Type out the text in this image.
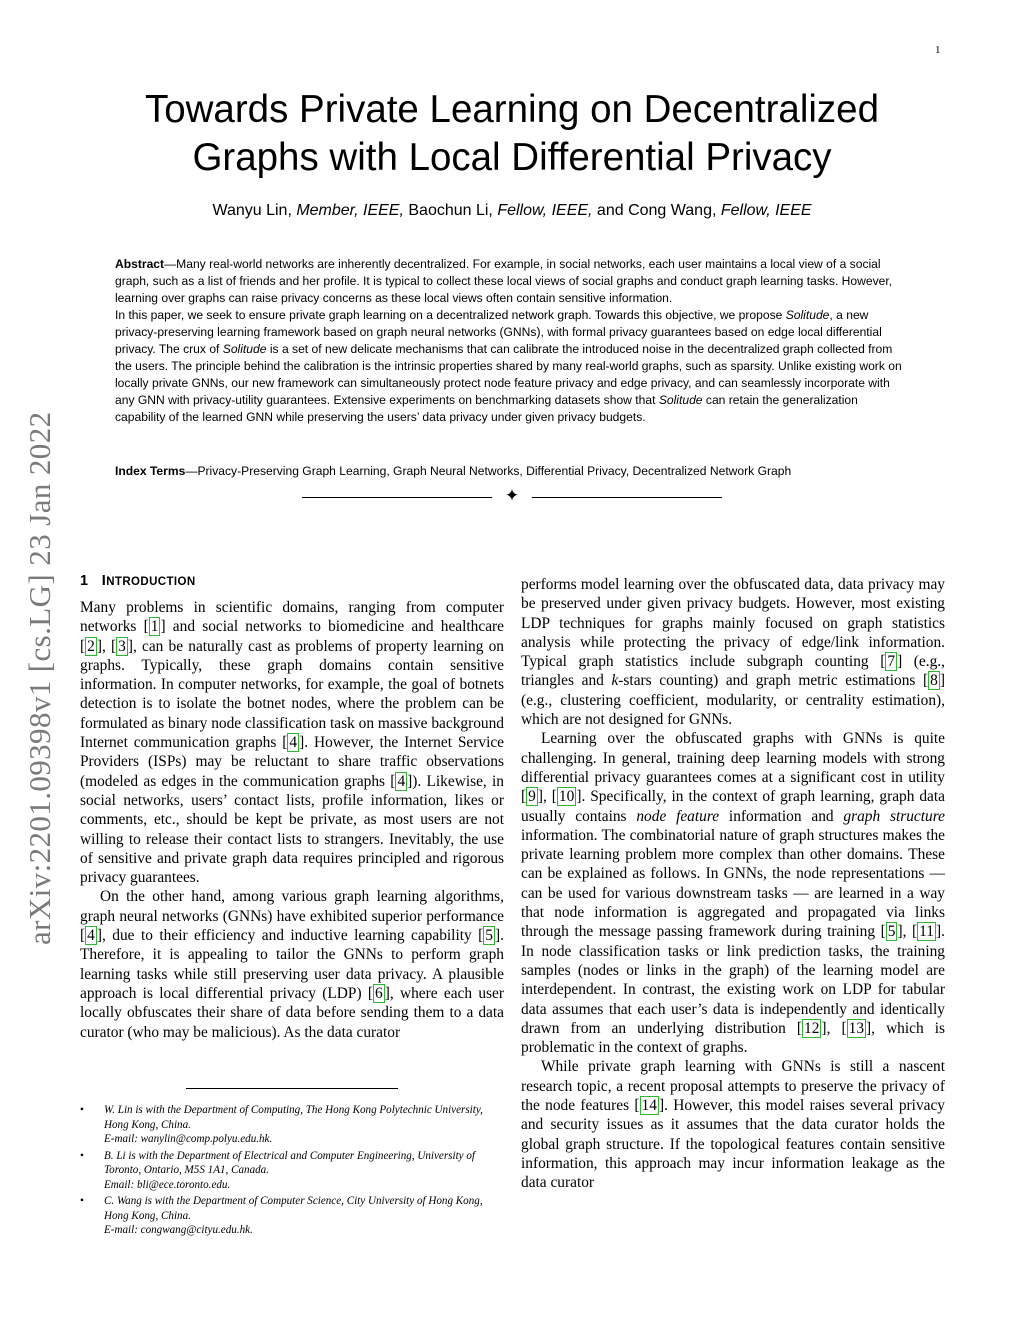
1
arXiv:2201.09398v1 [cs.LG] 23 Jan 2022
Towards Private Learning on Decentralized Graphs with Local Differential Privacy
Wanyu Lin, Member, IEEE, Baochun Li, Fellow, IEEE, and Cong Wang, Fellow, IEEE

Abstract—Many real-world networks are inherently decentralized. For example, in social networks, each user maintains a local view of a social graph, such as a list of friends and her profile. It is typical to collect these local views of social graphs and conduct graph learning tasks. However, learning over graphs can raise privacy concerns as these local views often contain sensitive information.

In this paper, we seek to ensure private graph learning on a decentralized network graph. Towards this objective, we propose Solitude, a new privacy-preserving learning framework based on graph neural networks (GNNs), with formal privacy guarantees based on edge local differential privacy. The crux of Solitude is a set of new delicate mechanisms that can calibrate the introduced noise in the decentralized graph collected from the users. The principle behind the calibration is the intrinsic properties shared by many real-world graphs, such as sparsity. Unlike existing work on locally private GNNs, our new framework can simultaneously protect node feature privacy and edge privacy, and can seamlessly incorporate with any GNN with privacy-utility guarantees. Extensive experiments on benchmarking datasets show that Solitude can retain the generalization capability of the learned GNN while preserving the users’ data privacy under given privacy budgets.

Index Terms—Privacy-Preserving Graph Learning, Graph Neural Networks, Differential Privacy, Decentralized Network Graph

✦
1 INTRODUCTION

Many problems in scientific domains, ranging from computer networks [ 1 ] and social networks to biomedicine and healthcare [ 2 ], [ 3 ], can be naturally cast as problems of property learning on graphs. Typically, these graph domains contain sensitive information. In computer networks, for example, the goal of botnets detection is to isolate the botnet nodes, where the problem can be formulated as binary node classification task on massive background Internet communication graphs [ 4 ]. However, the Internet Service Providers (ISPs) may be reluctant to share traffic observations (modeled as edges in the communication graphs [ 4 ]). Likewise, in social networks, users’ contact lists, profile information, likes or comments, etc., should be kept be private, as most users are not willing to release their contact lists to strangers. Inevitably, the use of sensitive and private graph data requires principled and rigorous privacy guarantees.

On the other hand, among various graph learning algorithms, graph neural networks (GNNs) have exhibited superior performance [ 4 ], due to their efficiency and inductive learning capability [ 5 ]. Therefore, it is appealing to tailor the GNNs to perform graph learning tasks while still preserving user data privacy. A plausible approach is local differential privacy (LDP) [ 6 ], where each user locally obfuscates their share of data before sending them to a data curator (who may be malicious). As the data curator

• W. Lin is with the Department of Computing, The Hong Kong Polytechnic University, Hong Kong, China.
E-mail: wanylin@comp.polyu.edu.hk.
• B. Li is with the Department of Electrical and Computer Engineering, University of Toronto, Ontario, M5S 1A1, Canada.
Email: bli@ece.toronto.edu.
• C. Wang is with the Department of Computer Science, City University of Hong Kong, Hong Kong, China.
E-mail: congwang@cityu.edu.hk.

performs model learning over the obfuscated data, data privacy may be preserved under given privacy budgets. However, most existing LDP techniques for graphs mainly focused on graph statistics analysis while protecting the privacy of edge/link information. Typical graph statistics include subgraph counting [ 7 ] (e.g., triangles and k-stars counting) and graph metric estimations [ 8 ] (e.g., clustering coefficient, modularity, or centrality estimation), which are not designed for GNNs.

Learning over the obfuscated graphs with GNNs is quite challenging. In general, training deep learning models with strong differential privacy guarantees comes at a significant cost in utility [ 9 ], [ 10 ]. Specifically, in the context of graph learning, graph data usually contains node feature information and graph structure information. The combinatorial nature of graph structures makes the private learning problem more complex than other domains. These can be explained as follows. In GNNs, the node representations — can be used for various downstream tasks — are learned in a way that node information is aggregated and propagated via links through the message passing framework during training [ 5 ], [ 11 ]. In node classification tasks or link prediction tasks, the training samples (nodes or links in the graph) of the learning model are interdependent. In contrast, the existing work on LDP for tabular data assumes that each user’s data is independently and identically drawn from an underlying distribution [ 12 ], [ 13 ], which is problematic in the context of graphs.

While private graph learning with GNNs is still a nascent research topic, a recent proposal attempts to preserve the privacy of the node features [ 14 ]. However, this model raises several privacy and security issues as it assumes that the data curator holds the global graph structure. If the topological features contain sensitive information, this approach may incur information leakage as the data curator
